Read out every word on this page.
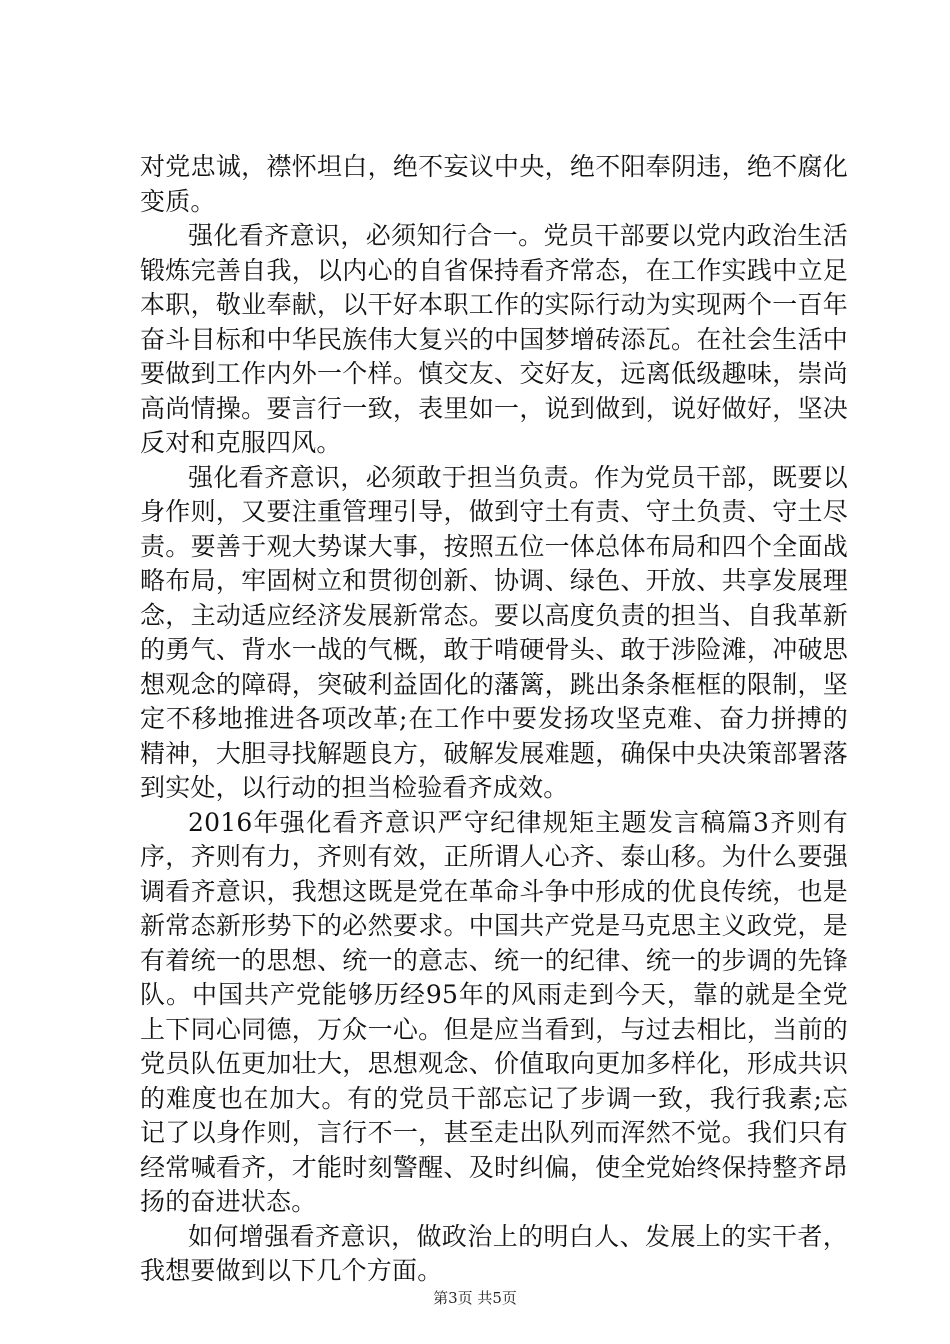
对党忠诚，襟怀坦白，绝不妄议中央，绝不阳奉阴违，绝不腐化变质。

强化看齐意识，必须知行合一。党员干部要以党内政治生活锻炼完善自我，以内心的自省保持看齐常态，在工作实践中立足本职，敬业奉献，以干好本职工作的实际行动为实现两个一百年奋斗目标和中华民族伟大复兴的中国梦增砖添瓦。在社会生活中要做到工作内外一个样。慎交友、交好友，远离低级趣味，崇尚高尚情操。要言行一致，表里如一，说到做到，说好做好，坚决反对和克服四风。

强化看齐意识，必须敢于担当负责。作为党员干部，既要以身作则，又要注重管理引导，做到守土有责、守土负责、守土尽责。要善于观大势谋大事，按照五位一体总体布局和四个全面战略布局，牢固树立和贯彻创新、协调、绿色、开放、共享发展理念，主动适应经济发展新常态。要以高度负责的担当、自我革新的勇气、背水一战的气概，敢于啃硬骨头、敢于涉险滩，冲破思想观念的障碍，突破利益固化的藩篱，跳出条条框框的限制，坚定不移地推进各项改革;在工作中要发扬攻坚克难、奋力拼搏的精神，大胆寻找解题良方，破解发展难题，确保中央决策部署落到实处，以行动的担当检验看齐成效。

2016年强化看齐意识严守纪律规矩主题发言稿篇3齐则有序，齐则有力，齐则有效，正所谓人心齐、泰山移。为什么要强调看齐意识，我想这既是党在革命斗争中形成的优良传统，也是新常态新形势下的必然要求。中国共产党是马克思主义政党，是有着统一的思想、统一的意志、统一的纪律、统一的步调的先锋队。中国共产党能够历经95年的风雨走到今天，靠的就是全党上下同心同德，万众一心。但是应当看到，与过去相比，当前的党员队伍更加壮大，思想观念、价值取向更加多样化，形成共识的难度也在加大。有的党员干部忘记了步调一致，我行我素;忘记了以身作则，言行不一，甚至走出队列而浑然不觉。我们只有经常喊看齐，才能时刻警醒、及时纠偏，使全党始终保持整齐昂扬的奋进状态。

如何增强看齐意识，做政治上的明白人、发展上的实干者，我想要做到以下几个方面。

第3页 共5页
